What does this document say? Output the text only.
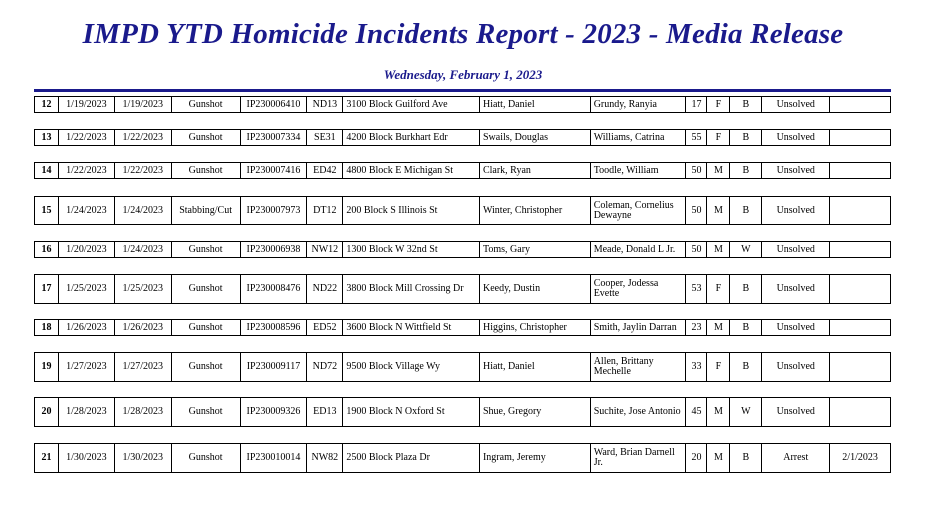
IMPD YTD Homicide Incidents Report - 2023 - Media Release
Wednesday, February 1, 2023
12	1/19/2023	1/19/2023	Gunshot	IP230006410	ND13 3100 Block Guilford Ave	Hiatt, Daniel	Grundy, Ranyia	17	F	B	Unsolved
13	1/22/2023	1/22/2023	Gunshot	IP230007334	SE31	4200 Block Burkhart Edr	Swails, Douglas	Williams, Catrina	55	F	B	Unsolved
14	1/22/2023	1/22/2023	Gunshot	IP230007416	ED42 4800 Block E Michigan St	Clark, Ryan	Toodle, William	50	M	B	Unsolved
15	1/24/2023	1/24/2023	Stabbing/Cut	IP230007973	DT12 200 Block S Illinois St	Winter, Christopher	Coleman, Cornelius Dewayne	50	M	B	Unsolved
16	1/20/2023	1/24/2023	Gunshot	IP230006938	NW12 1300 Block W 32nd St	Toms, Gary	Meade, Donald L Jr.	50	M	W	Unsolved
17	1/25/2023	1/25/2023	Gunshot	IP230008476	ND22 3800 Block Mill Crossing Dr	Keedy, Dustin	Cooper, Jodessa Evette	53	F	B	Unsolved
18	1/26/2023	1/26/2023	Gunshot	IP230008596	ED52 3600 Block N Wittfield St	Higgins, Christopher	Smith, Jaylin Darran	23	M	B	Unsolved
19	1/27/2023	1/27/2023	Gunshot	IP230009117	ND72 9500 Block Village Wy	Hiatt, Daniel	Allen, Brittany Mechelle	33	F	B	Unsolved
20	1/28/2023	1/28/2023	Gunshot	IP230009326	ED13 1900 Block N Oxford St	Shue, Gregory	Suchite, Jose Antonio	45	M	W	Unsolved
21	1/30/2023	1/30/2023	Gunshot	IP230010014	NW82 2500 Block Plaza Dr	Ingram, Jeremy	Ward, Brian Darnell Jr.	20	M	B	Arrest	2/1/2023
